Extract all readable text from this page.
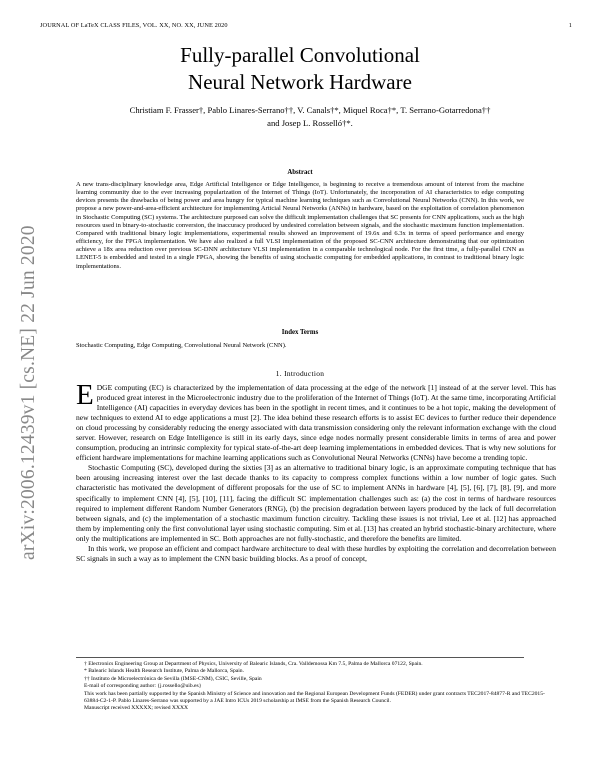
JOURNAL OF LaTeX CLASS FILES, VOL. XX, NO. XX, JUNE 2020	1
Fully-parallel Convolutional
Neural Network Hardware
Christiam F. Frasser†, Pablo Linares-Serrano††, V. Canals†*, Miquel Roca†*, T. Serrano-Gotarredona††
and Josep L. Rosselló†*.
Abstract
A new trans-disciplinary knowledge area, Edge Artificial Intelligence or Edge Intelligence, is beginning to receive a tremendous amount of interest from the machine learning community due to the ever increasing popularization of the Internet of Things (IoT). Unfortunately, the incorporation of AI characteristics to edge computing devices presents the drawbacks of being power and area hungry for typical machine learning techniques such as Convolutional Neural Networks (CNN). In this work, we propose a new power-and-area-efficient architecture for implementing Articial Neural Networks (ANNs) in hardware, based on the exploitation of correlation phenomenon in Stochastic Computing (SC) systems. The architecture purposed can solve the difficult implementation challenges that SC presents for CNN applications, such as the high resources used in binary-to-stochastic conversion, the inaccuracy produced by undesired correlation between signals, and the stochastic maximum function implementation. Compared with traditional binary logic implementations, experimental results showed an improvement of 19.6x and 6.3x in terms of speed performance and energy efficiency, for the FPGA implementation. We have also realized a full VLSI implementation of the proposed SC-CNN architecture demonstrating that our optimization achieve a 18x area reduction over previous SC-DNN architecture VLSI implementation in a comparable technological node. For the first time, a fully-parallel CNN as LENET-5 is embedded and tested in a single FPGA, showing the benefits of using stochastic computing for embedded applications, in contrast to traditional binary logic implementations.
Index Terms
Stochastic Computing, Edge Computing, Convolutional Neural Network (CNN).
1. Introduction

EDGE computing (EC) is characterized by the implementation of data processing at the edge of the network [1] instead of at the server level. This has produced great interest in the Microelectronic industry due to the proliferation of the Internet of Things (IoT). At the same time, incorporating Artificial Intelligence (AI) capacities in everyday devices has been in the spotlight in recent times, and it continues to be a hot topic, making the development of new techniques to extend AI to edge applications a must [2]. The idea behind these research efforts is to assist EC devices to further reduce their dependence on cloud processing by considerably reducing the energy associated with data transmission considering only the relevant information exchange with the cloud server. However, research on Edge Intelligence is still in its early days, since edge nodes normally present considerable limits in terms of area and power consumption, producing an intrinsic complexity for typical state-of-the-art deep learning implementations in embedded devices. That is why new solutions for efficient hardware implementations for machine learning applications such as Convolutional Neural Networks (CNNs) have become a trending topic.

Stochastic Computing (SC), developed during the sixties [3] as an alternative to traditional binary logic, is an approximate computing technique that has been arousing increasing interest over the last decade thanks to its capacity to compress complex functions within a low number of logic gates. Such characteristic has motivated the development of different proposals for the use of SC to implement ANNs in hardware [4], [5], [6], [7], [8], [9], and more specifically to implement CNN [4], [5], [10], [11], facing the difficult SC implementation challenges such as: (a) the cost in terms of hardware resources required to implement different Random Number Generators (RNG), (b) the precision degradation between layers produced by the lack of full decorrelation between signals, and (c) the implementation of a stochastic maximum function circuitry. Tackling these issues is not trivial, Lee et al. [12] has approached them by implementing only the first convolutional layer using stochastic computing. Sim et al. [13] has created an hybrid stochastic-binary architecture, where only the multiplications are implemented in SC. Both approaches are not fully-stochastic, and therefore the benefits are limited.

In this work, we propose an efficient and compact hardware architecture to deal with these hurdles by exploiting the correlation and decorrelation between SC signals in such a way as to implement the CNN basic building blocks. As a proof of concept,

† Electronics Engineering Group at Department of Physics, University of Balearic Islands, Cra. Valldemossa Km 7.5, Palma de Mallorca 07122, Spain.
* Balearic Islands Health Research Institute, Palma de Mallorca, Spain.
†† Instituto de Microelectrónica de Sevilla (IMSE-CNM), CSIC, Seville, Spain
E-mail of corresponding author: {j.rossello@uib.es}
This work has been partially supported by the Spanish Ministry of Science and innovation and the Regional European Development Funds (FEDER) under grant contracts TEC2017-84877-R and TEC2015-63884-C2-1-P. Pablo Linares-Serrano was supported by a JAE Intro ICUs 2019 scholarship at IMSE from the Spanish Research Council.
Manuscript received XXXXX; revised XXXX
arXiv:2006.12439v1 [cs.NE] 22 Jun 2020
